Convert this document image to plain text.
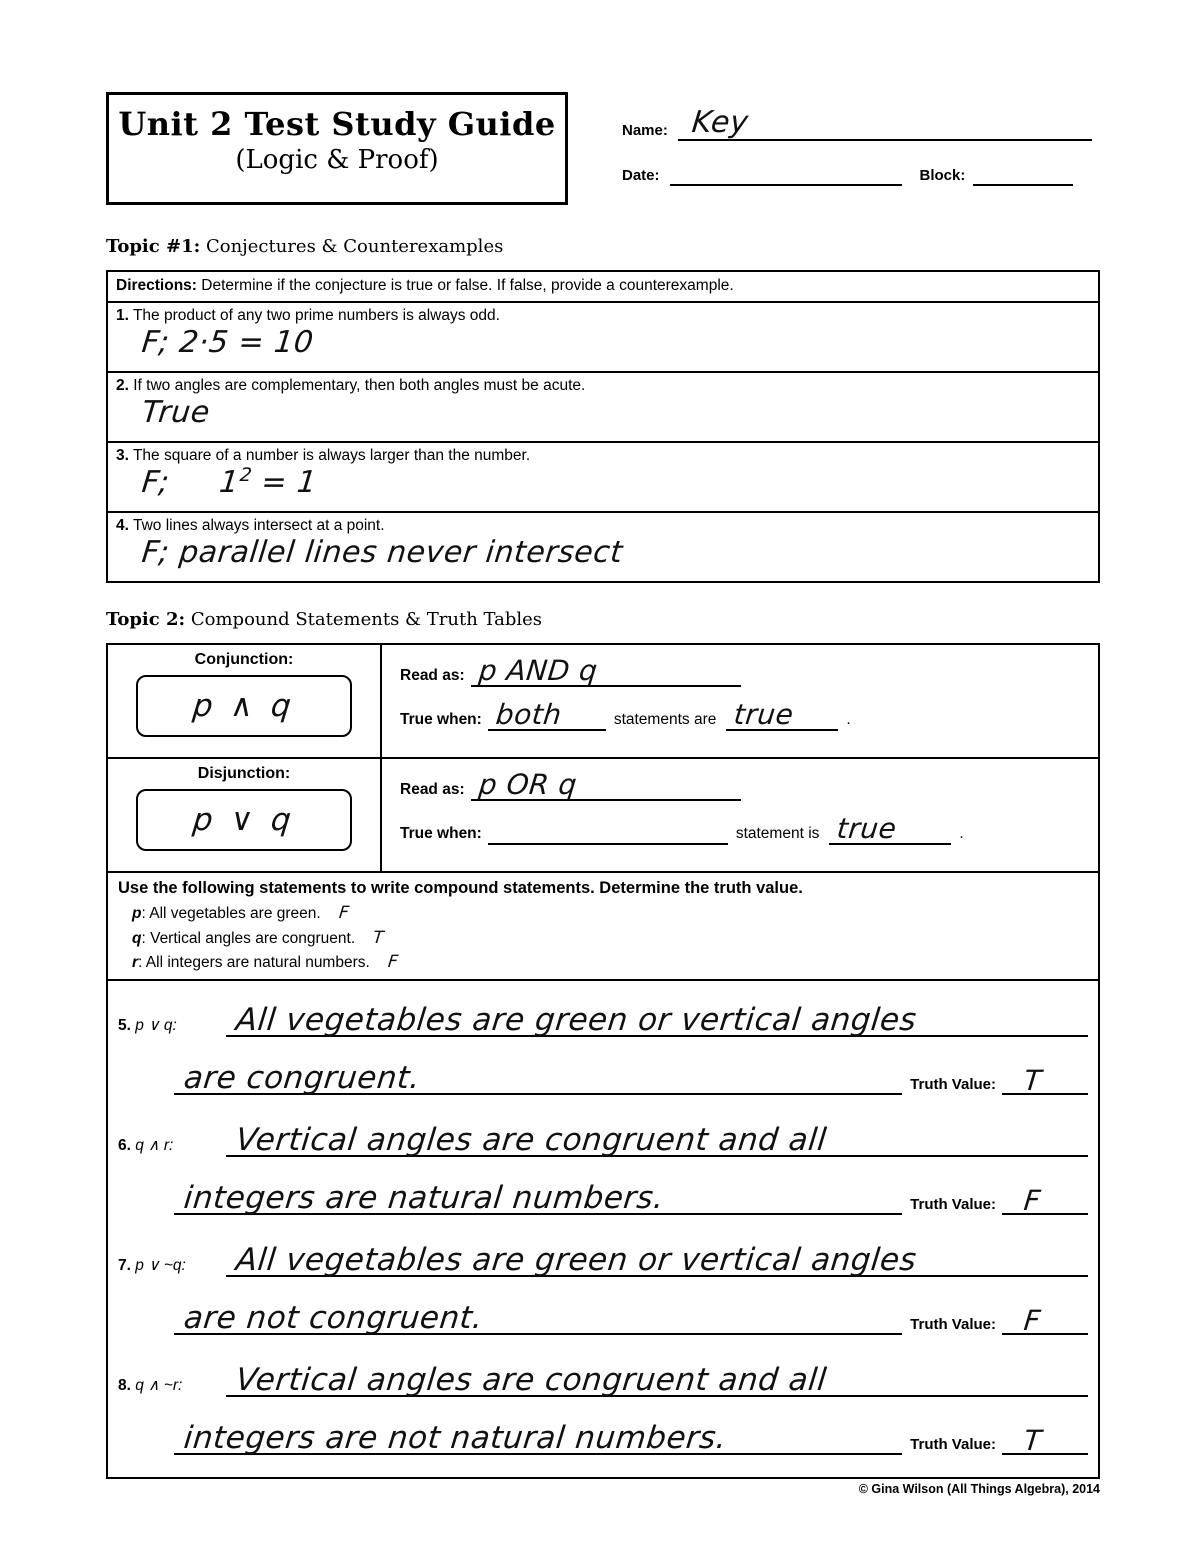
Unit 2 Test Study Guide
(Logic & Proof)
Name: Key
Date:	Block:
Topic #1: Conjectures & Counterexamples
Directions: Determine if the conjecture is true or false. If false, provide a counterexample.
1. The product of any two prime numbers is always odd.
F; 2·5 = 10
2. If two angles are complementary, then both angles must be acute.
True
3. The square of a number is always larger than the number.
F; $1^2 = 1$
4. Two lines always intersect at a point.
F; parallel lines never intersect
Topic 2: Compound Statements & Truth Tables
Conjunction:
p ∧ q
Read as: p AND q
True when: both	statements are true	.
Disjunction:
p ∨ q
Read as: p OR q
True when:	statement is true	.
Use the following statements to write compound statements. Determine the truth value.
p: All vegetables are green. F
q: Vertical angles are congruent. T
r: All integers are natural numbers. F
5. p ∨ q:	All vegetables are green or vertical angles
are congruent.	Truth Value: T
6. q ∧ r:	Vertical angles are congruent and all
integers are natural numbers.	Truth Value: F
7. p ∨ ~q:	All vegetables are green or vertical angles
are not congruent.	Truth Value: F
8. q ∧ ~r:	Vertical angles are congruent and all
integers are not natural numbers.	Truth Value: T
© Gina Wilson (All Things Algebra), 2014
